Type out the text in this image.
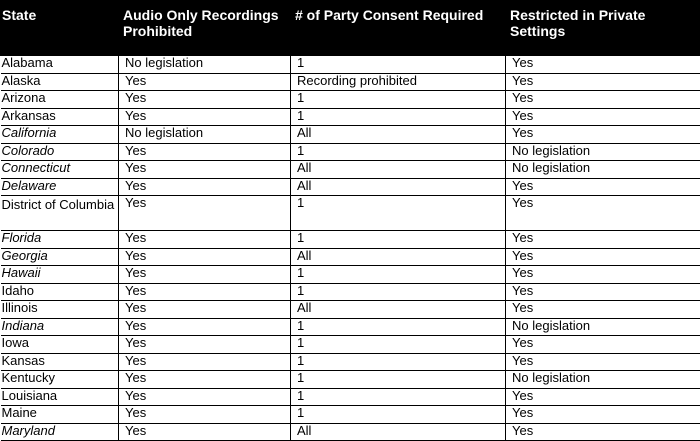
State	Audio Only Recordings Prohibited	# of Party Consent Required	Restricted in Private Settings
Alabama	No legislation	1	Yes
Alaska	Yes	Recording prohibited	Yes
Arizona	Yes	1	Yes
Arkansas	Yes	1	Yes
California	No legislation	All	Yes
Colorado	Yes	1	No legislation
Connecticut	Yes	All	No legislation
Delaware	Yes	All	Yes
District of Columbia	Yes	1	Yes
Florida	Yes	1	Yes
Georgia	Yes	All	Yes
Hawaii	Yes	1	Yes
Idaho	Yes	1	Yes
Illinois	Yes	All	Yes
Indiana	Yes	1	No legislation
Iowa	Yes	1	Yes
Kansas	Yes	1	Yes
Kentucky	Yes	1	No legislation
Louisiana	Yes	1	Yes
Maine	Yes	1	Yes
Maryland	Yes	All	Yes
